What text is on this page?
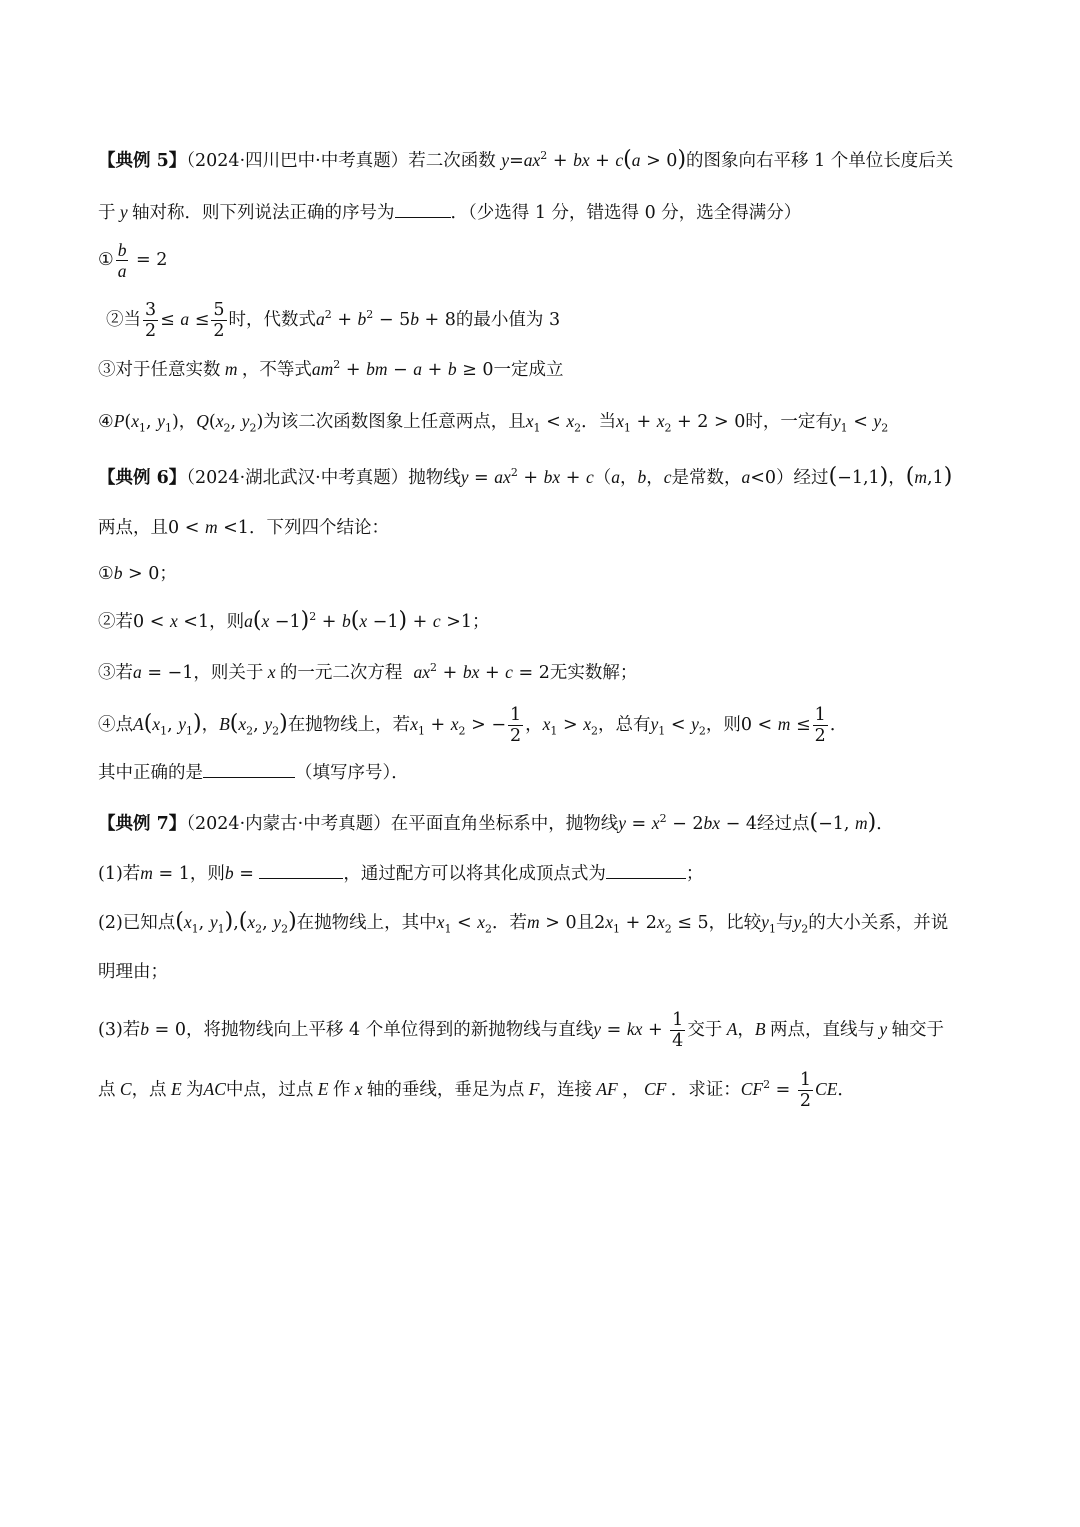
【典例 5】（2024·四川巴中·中考真题）若二次函数 $y=ax^2$ + bx + c(a > 0)的图象向右平移 1 个单位长度后关
于 y 轴对称．则下列说法正确的序号为	．（少选得 1 分，错选得 0 分，选全得满分）
① $\frac{b}{a} = 2$
②当 $\frac{3}{2} \le a \le \frac{5}{2}$ 时，代数式$a^2 + b^2 - 5b + 8$的最小值为 3
③对于任意实数 m ，不等式$am^2$ + bm − a + b ≥ 0一定成立
$④P(x_1$, $y_1$)，$Q(x_2$, $y_2$)为该二次函数图象上任意两点，且$x_1 < x_2$．当$x_1 + x_2 + 2 > 0$时，一定有$y_1 < y_2$
【典例 6】（2024·湖北武汉·中考真题）抛物线$y = ax^2$ + bx + c（a，b，c是常数，a<0）经过(−1,1)，(m,1)
两点，且0 < m <1．下列四个结论：
①b > 0；
②若0 < x <1，则$a(x -1)^2 + b(x -1) + c >1$；
③若a = −1，则关于 x 的一元二次方程 $ax^2$ + bx + c = 2无实数解；
④点$A(x_1$, $y_1$)，$B(x_2$, $y_2$)在抛物线上，若$x_1 + x_2$ > − $\frac{1}{2}$ ，$x_1 > x_2$，总有$y_1 < y_2$，则$0 < m \le \frac{1}{2}$ ．
其中正确的是	（填写序号）．
【典例 7】（2024·内蒙古·中考真题）在平面直角坐标系中，抛物线$y = x^2 - 2bx - 4$经过点(−1, m)．
(1)若m = 1，则b =	，通过配方可以将其化成顶点式为	；
(2)已知点($x_1$, $y_1),(x_2$, $y_2$)在抛物线上，其中$x_1 < x_2$．若m > 0且$2x_1 + 2x_2 \le 5$，比较$y_1$与$y_2$的大小关系，并说
明理由；
(3)若b = 0，将抛物线向上平移 4 个单位得到的新抛物线与直线y = kx + $\frac{1}{4}$ 交于 A，B 两点，直线与 y 轴交于
点 C，点 E 为AC中点，过点 E 作 x 轴的垂线，垂足为点 F，连接 AF ， CF ．求证：$CF^2 = \frac{1}{2}$ CE．
